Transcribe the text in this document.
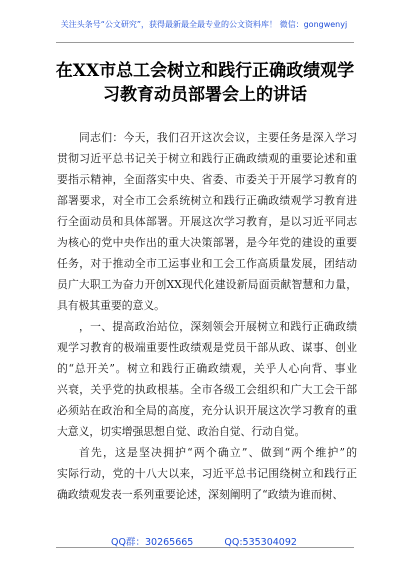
关注头条号“公文研究”，获得最新最全最专业的公文资料库！ 微信：gongwenyj
在XX市总工会树立和践行正确政绩观学
习教育动员部署会上的讲话
同志们：今天，我们召开这次会议，主要任务是深入学习
贯彻习近平总书记关于树立和践行正确政绩观的重要论述和重
要指示精神，全面落实中央、省委、市委关于开展学习教育的
部署要求，对全市工会系统树立和践行正确政绩观学习教育进
行全面动员和具体部署。开展这次学习教育，是以习近平同志
为核心的党中央作出的重大决策部署，是今年党的建设的重要
任务，对于推动全市工运事业和工会工作高质量发展，团结动
员广大职工为奋力开创XX现代化建设新局面贡献智慧和力量，
具有极其重要的意义。
，一、提高政治站位，深刻领会开展树立和践行正确政绩
观学习教育的极端重要性政绩观是党员干部从政、谋事、创业
的“总开关”。树立和践行正确政绩观，关乎人心向背、事业
兴衰，关乎党的执政根基。全市各级工会组织和广大工会干部
必须站在政治和全局的高度，充分认识开展这次学习教育的重
大意义，切实增强思想自觉、政治自觉、行动自觉。
首先，这是坚决拥护“两个确立”、做到“两个维护”的
实际行动，党的十八大以来，习近平总书记围绕树立和践行正
确政绩观发表一系列重要论述，深刻阐明了“政绩为谁而树、
QQ群：30265665	QQ:535304092
